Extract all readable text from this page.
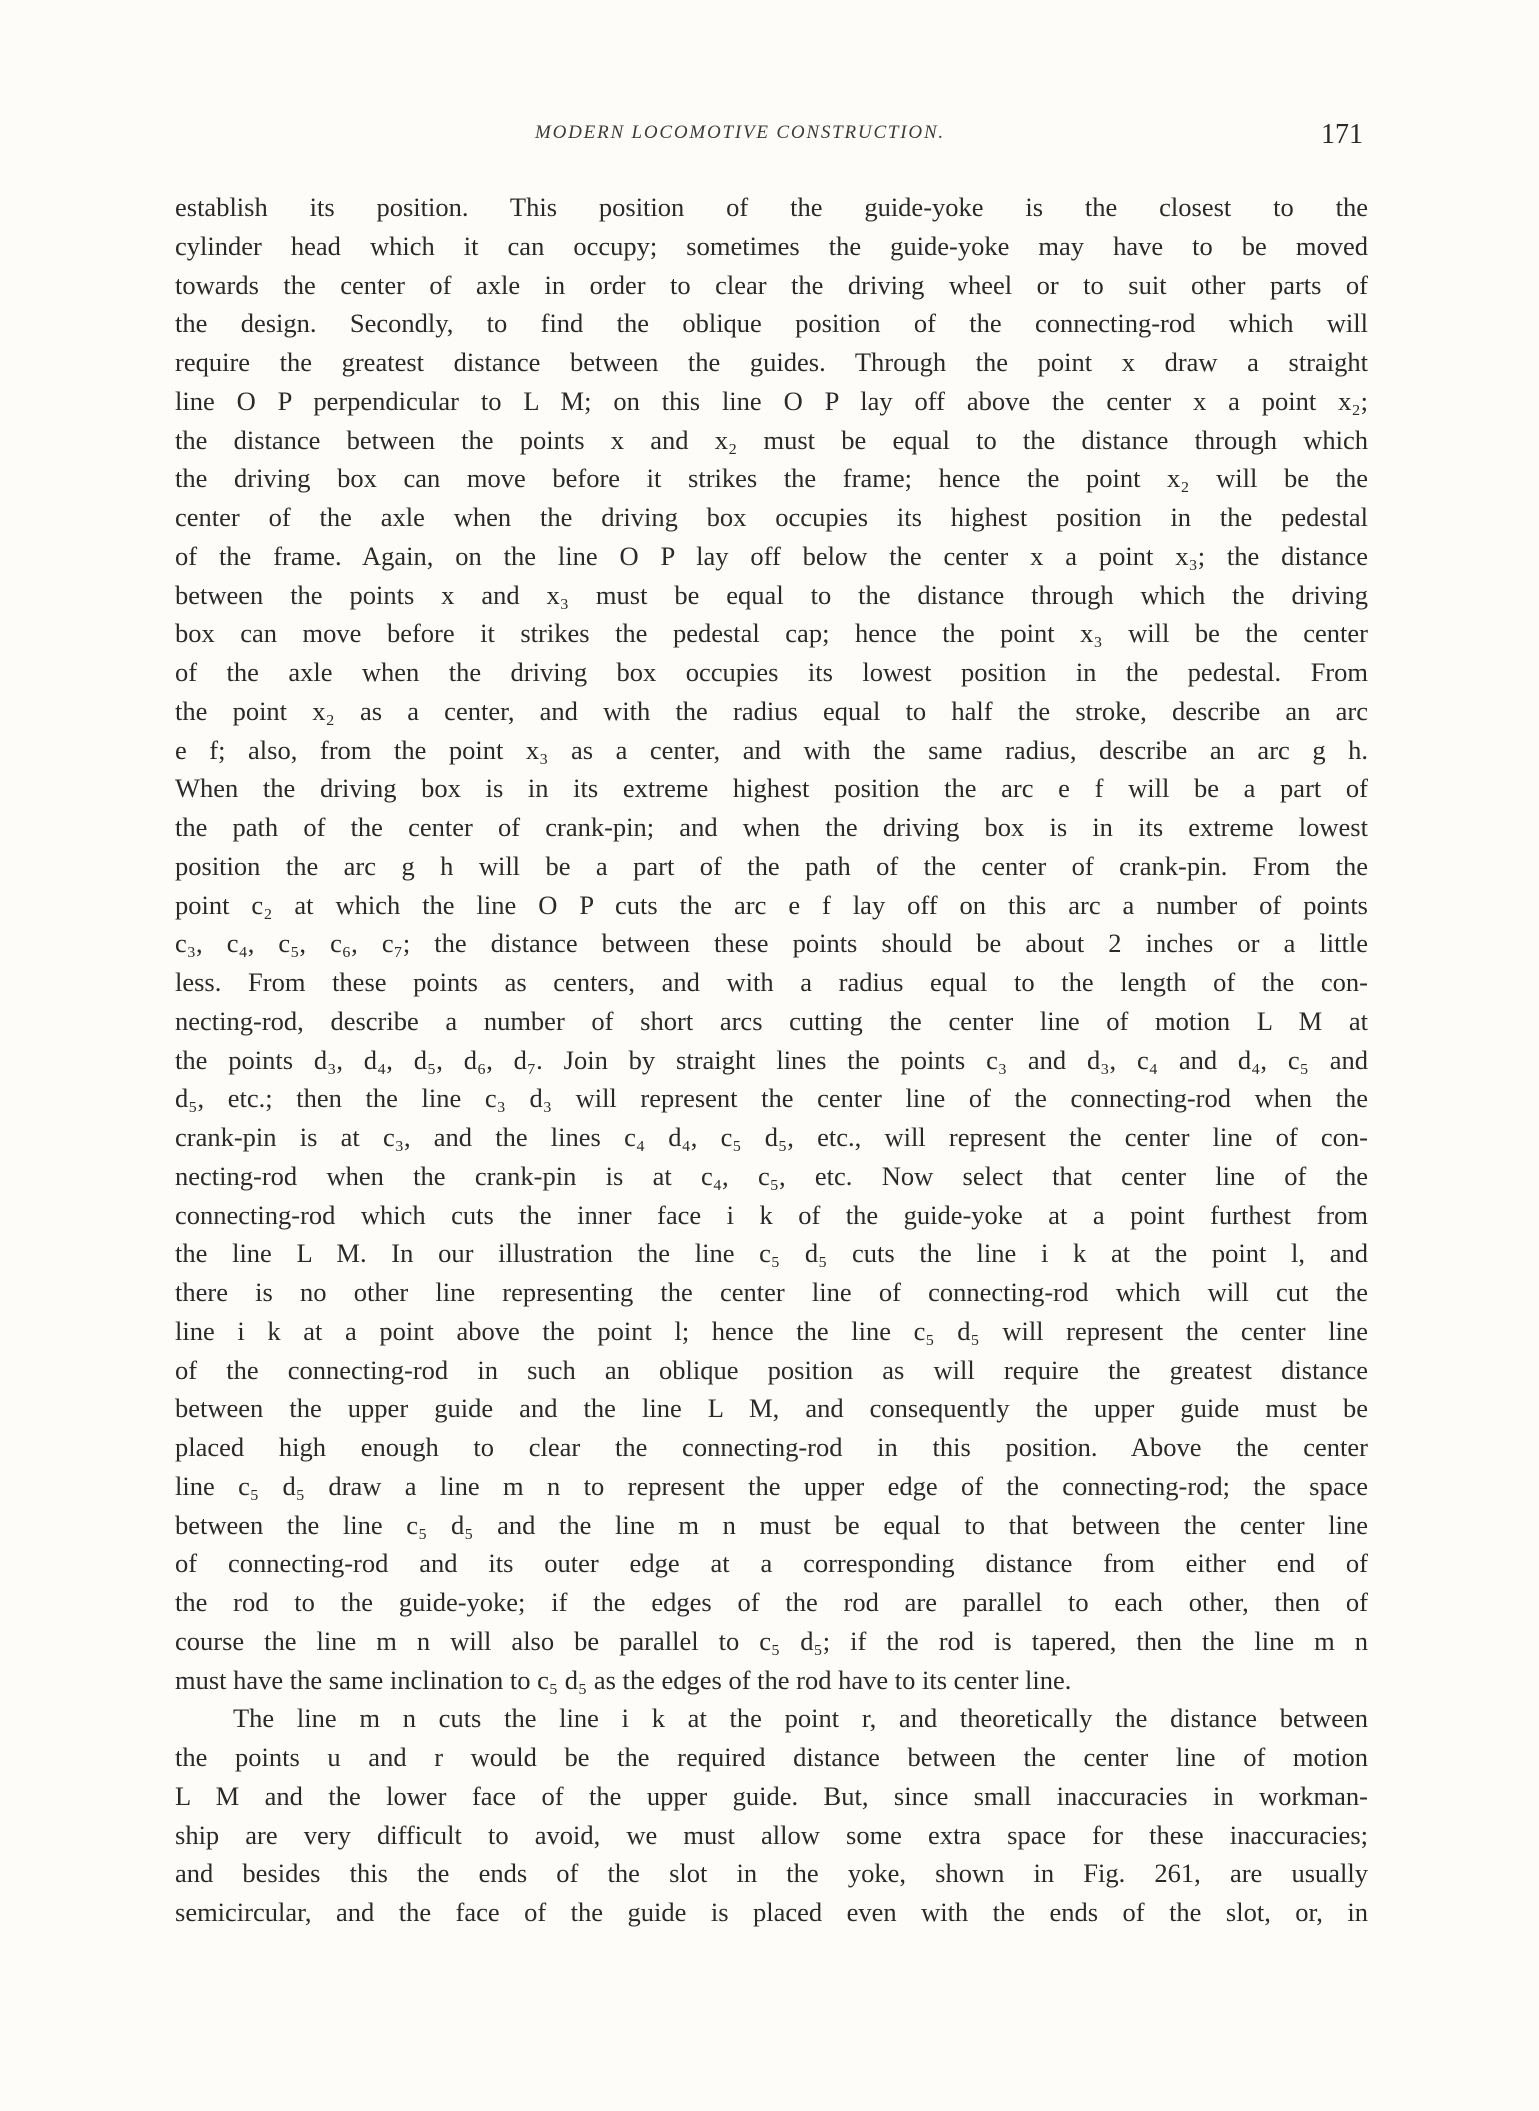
MODERN LOCOMOTIVE CONSTRUCTION.	171
establish its position. This position of the guide-yoke is the closest to the
cylinder head which it can occupy; sometimes the guide-yoke may have to be moved
towards the center of axle in order to clear the driving wheel or to suit other parts of
the design. Secondly, to find the oblique position of the connecting-rod which will
require the greatest distance between the guides. Through the point x draw a straight
line O P perpendicular to L M; on this line O P lay off above the center x a point x₂;
the distance between the points x and x₂ must be equal to the distance through which
the driving box can move before it strikes the frame; hence the point x₂ will be the
center of the axle when the driving box occupies its highest position in the pedestal
of the frame. Again, on the line O P lay off below the center x a point x₃; the distance
between the points x and x₃ must be equal to the distance through which the driving
box can move before it strikes the pedestal cap; hence the point x₃ will be the center
of the axle when the driving box occupies its lowest position in the pedestal. From
the point x₂ as a center, and with the radius equal to half the stroke, describe an arc
e f; also, from the point x₃ as a center, and with the same radius, describe an arc g h.
When the driving box is in its extreme highest position the arc e f will be a part of
the path of the center of crank-pin; and when the driving box is in its extreme lowest
position the arc g h will be a part of the path of the center of crank-pin. From the
point c₂ at which the line O P cuts the arc e f lay off on this arc a number of points
c₃, c₄, c₅, c₆, c₇; the distance between these points should be about 2 inches or a little
less. From these points as centers, and with a radius equal to the length of the con-
necting-rod, describe a number of short arcs cutting the center line of motion L M at
the points d₃, d₄, d₅, d₆, d₇. Join by straight lines the points c₃ and d₃, c₄ and d₄, c₅ and
d₅, etc.; then the line c₃ d₃ will represent the center line of the connecting-rod when the
crank-pin is at c₃, and the lines c₄ d₄, c₅ d₅, etc., will represent the center line of con-
necting-rod when the crank-pin is at c₄, c₅, etc. Now select that center line of the
connecting-rod which cuts the inner face i k of the guide-yoke at a point furthest from
the line L M. In our illustration the line c₅ d₅ cuts the line i k at the point l, and
there is no other line representing the center line of connecting-rod which will cut the
line i k at a point above the point l; hence the line c₅ d₅ will represent the center line
of the connecting-rod in such an oblique position as will require the greatest distance
between the upper guide and the line L M, and consequently the upper guide must be
placed high enough to clear the connecting-rod in this position. Above the center
line c₅ d₅ draw a line m n to represent the upper edge of the connecting-rod; the space
between the line c₅ d₅ and the line m n must be equal to that between the center line
of connecting-rod and its outer edge at a corresponding distance from either end of
the rod to the guide-yoke; if the edges of the rod are parallel to each other, then of
course the line m n will also be parallel to c₅ d₅; if the rod is tapered, then the line m n
must have the same inclination to c₅ d₅ as the edges of the rod have to its center line.
The line m n cuts the line i k at the point r, and theoretically the distance between
the points u and r would be the required distance between the center line of motion
L M and the lower face of the upper guide. But, since small inaccuracies in workman-
ship are very difficult to avoid, we must allow some extra space for these inaccuracies;
and besides this the ends of the slot in the yoke, shown in Fig. 261, are usually
semicircular, and the face of the guide is placed even with the ends of the slot, or, in
